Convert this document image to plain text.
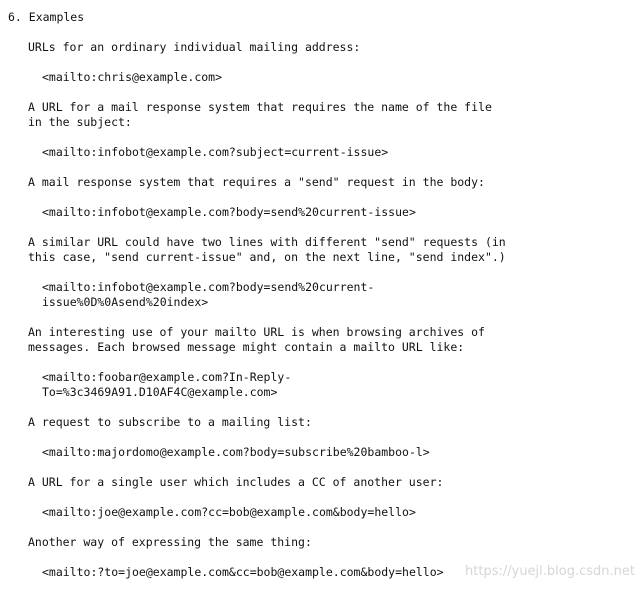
6. Examples
URLs for an ordinary individual mailing address:
<mailto:chris@example.com>
A URL for a mail response system that requires the name of the file
in the subject:
<mailto:infobot@example.com?subject=current-issue>
A mail response system that requires a "send" request in the body:
<mailto:infobot@example.com?body=send%20current-issue>
A similar URL could have two lines with different "send" requests (in
this case, "send current-issue" and, on the next line, "send index".)
<mailto:infobot@example.com?body=send%20current-
issue%0D%0Asend%20index>
An interesting use of your mailto URL is when browsing archives of
messages. Each browsed message might contain a mailto URL like:
<mailto:foobar@example.com?In-Reply-
To=%3c3469A91.D10AF4C@example.com>
A request to subscribe to a mailing list:
<mailto:majordomo@example.com?body=subscribe%20bamboo-l>
A URL for a single user which includes a CC of another user:
<mailto:joe@example.com?cc=bob@example.com&body=hello>
Another way of expressing the same thing:
<mailto:?to=joe@example.com&cc=bob@example.com&body=hello>	https://yuejl.blog.csdn.net
